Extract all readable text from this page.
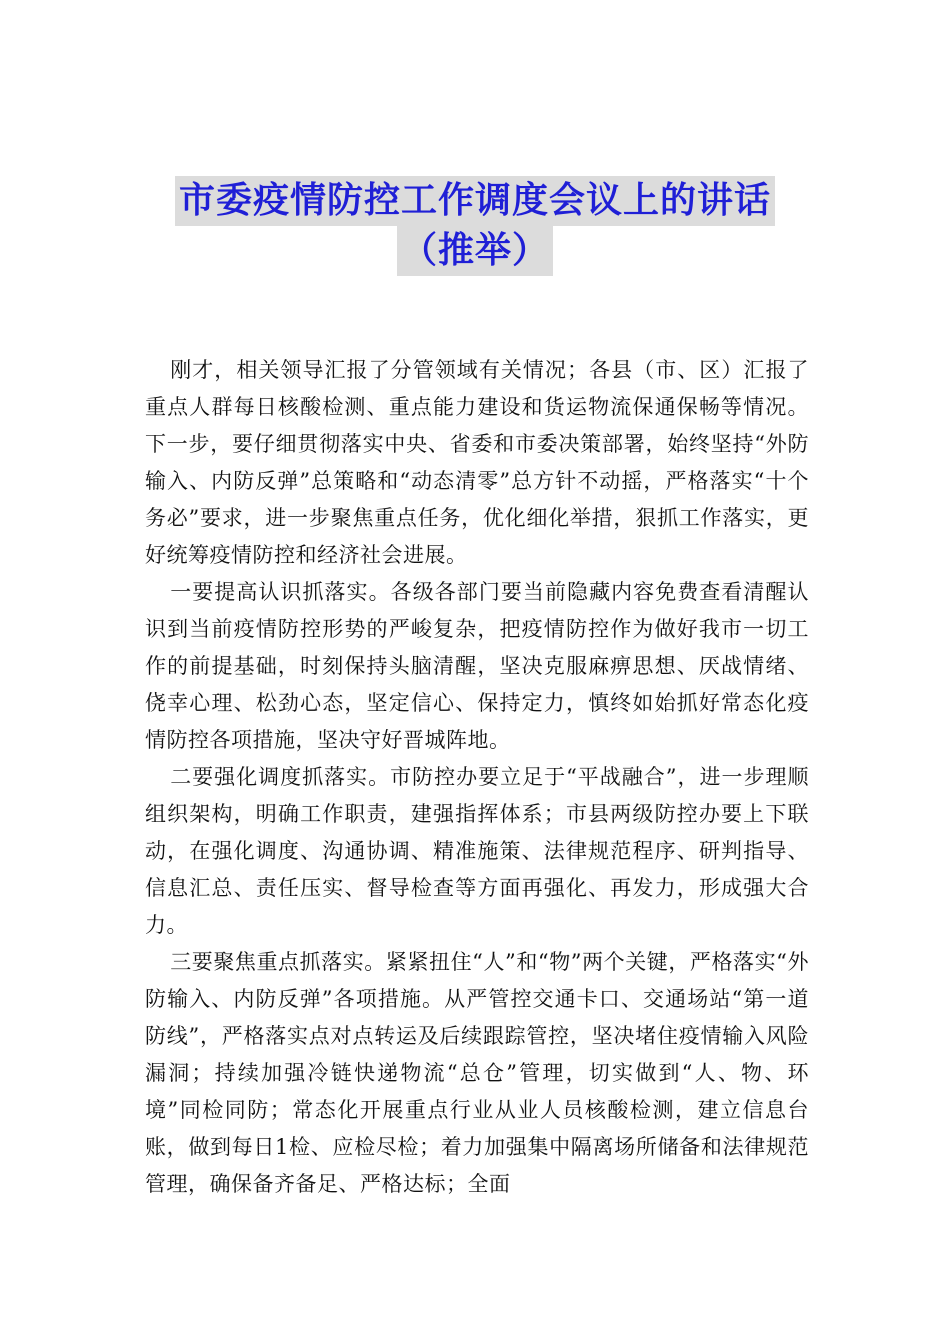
市委疫情防控工作调度会议上的讲话
（推举）

刚才，相关领导汇报了分管领域有关情况；各县（市、区）汇报了重点人群每日核酸检测、重点能力建设和货运物流保通保畅等情况。下一步，要仔细贯彻落实中央、省委和市委决策部署，始终坚持“外防输入、内防反弹”总策略和“动态清零”总方针不动摇，严格落实“十个务必”要求，进一步聚焦重点任务，优化细化举措，狠抓工作落实，更好统筹疫情防控和经济社会进展。

一要提高认识抓落实。各级各部门要当前隐藏内容免费查看清醒认识到当前疫情防控形势的严峻复杂，把疫情防控作为做好我市一切工作的前提基础，时刻保持头脑清醒，坚决克服麻痹思想、厌战情绪、侥幸心理、松劲心态，坚定信心、保持定力，慎终如始抓好常态化疫情防控各项措施，坚决守好晋城阵地。

二要强化调度抓落实。市防控办要立足于“平战融合”，进一步理顺组织架构，明确工作职责，建强指挥体系；市县两级防控办要上下联动，在强化调度、沟通协调、精准施策、法律规范程序、研判指导、信息汇总、责任压实、督导检查等方面再强化、再发力，形成强大合力。

三要聚焦重点抓落实。紧紧扭住“人”和“物”两个关键，严格落实“外防输入、内防反弹”各项措施。从严管控交通卡口、交通场站“第一道防线”，严格落实点对点转运及后续跟踪管控，坚决堵住疫情输入风险漏洞；持续加强冷链快递物流“总仓”管理，切实做到“人、物、环境”同检同防；常态化开展重点行业从业人员核酸检测，建立信息台账，做到每日1检、应检尽检；着力加强集中隔离场所储备和法律规范管理，确保备齐备足、严格达标；全面
